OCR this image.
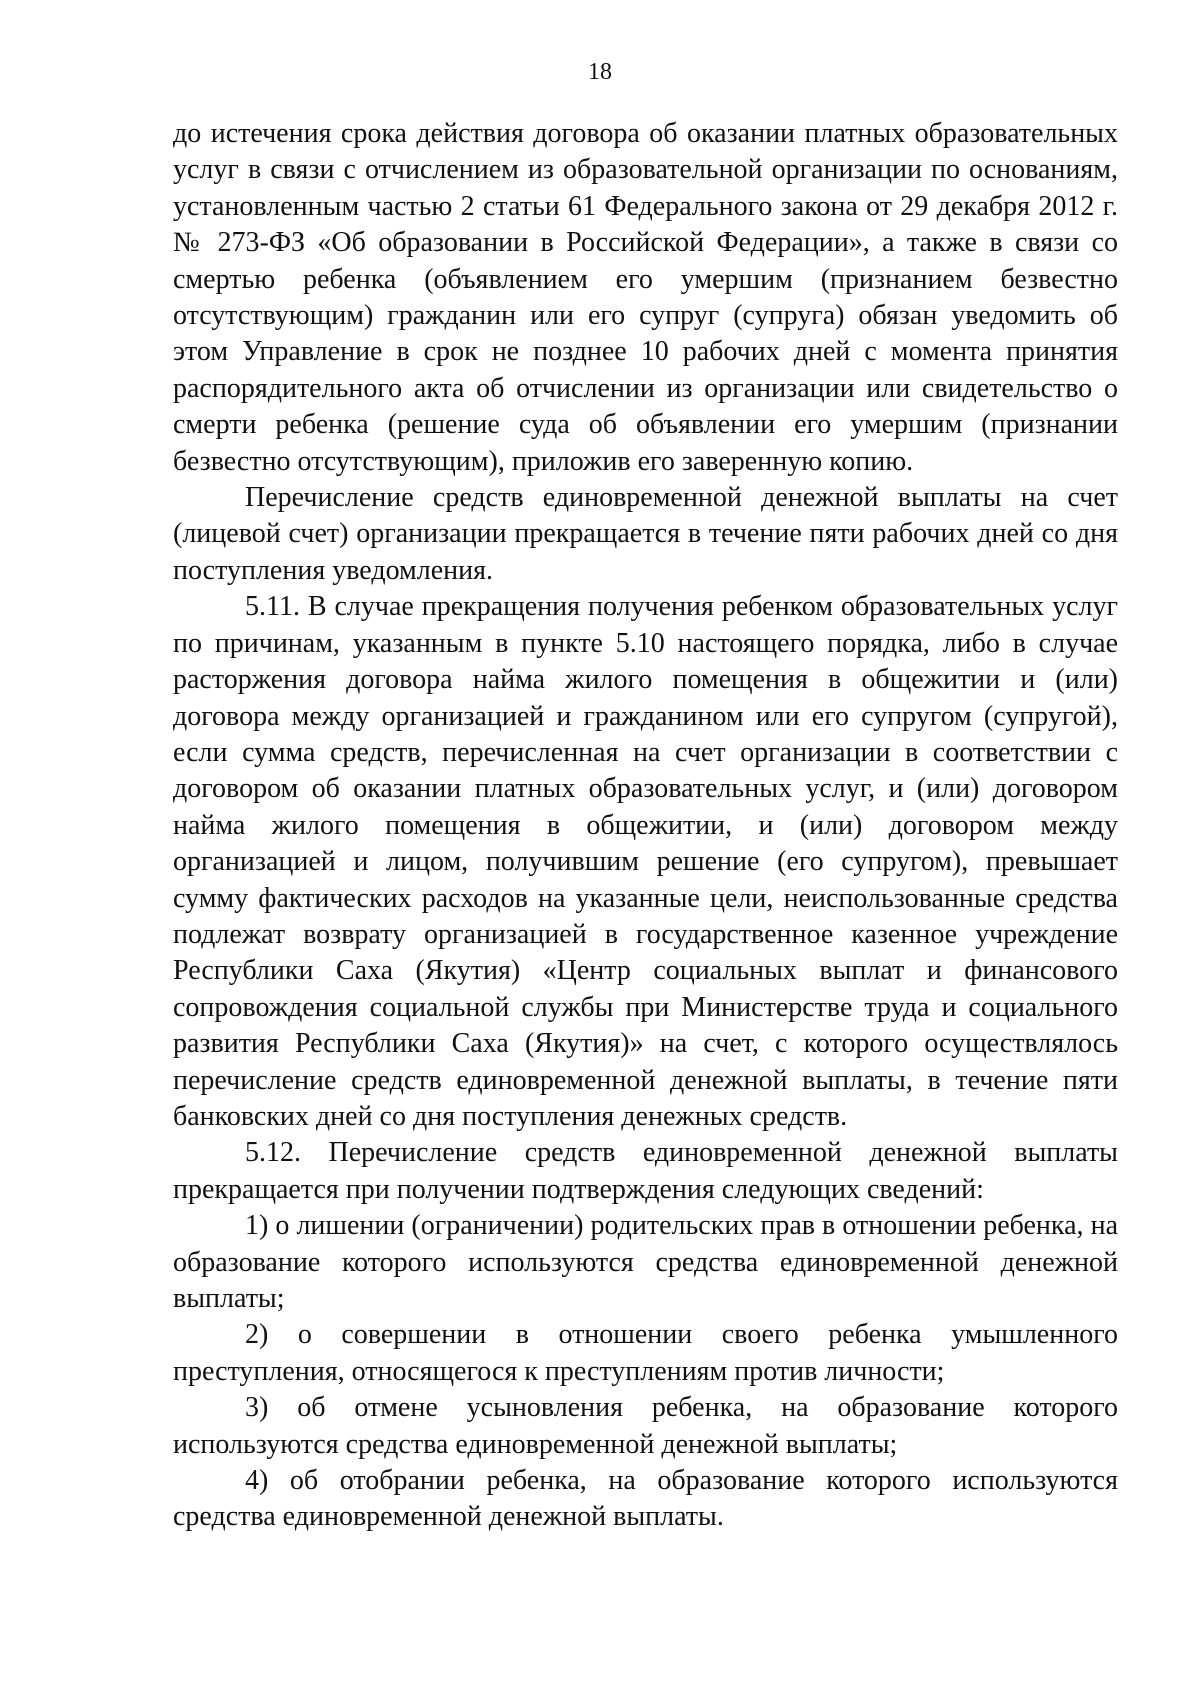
18

до истечения срока действия договора об оказании платных образовательных услуг в связи с отчислением из образовательной организации по основаниям, установленным частью 2 статьи 61 Федерального закона от 29 декабря 2012 г. № 273-ФЗ «Об образовании в Российской Федерации», а также в связи со смертью ребенка (объявлением его умершим (признанием безвестно отсутствующим) гражданин или его супруг (супруга) обязан уведомить об этом Управление в срок не позднее 10 рабочих дней с момента принятия распорядительного акта об отчислении из организации или свидетельство о смерти ребенка (решение суда об объявлении его умершим (признании безвестно отсутствующим), приложив его заверенную копию.

Перечисление средств единовременной денежной выплаты на счет (лицевой счет) организации прекращается в течение пяти рабочих дней со дня поступления уведомления.

5.11. В случае прекращения получения ребенком образовательных услуг по причинам, указанным в пункте 5.10 настоящего порядка, либо в случае расторжения договора найма жилого помещения в общежитии и (или) договора между организацией и гражданином или его супругом (супругой), если сумма средств, перечисленная на счет организации в соответствии с договором об оказании платных образовательных услуг, и (или) договором найма жилого помещения в общежитии, и (или) договором между организацией и лицом, получившим решение (его супругом), превышает сумму фактических расходов на указанные цели, неиспользованные средства подлежат возврату организацией в государственное казенное учреждение Республики Саха (Якутия) «Центр социальных выплат и финансового сопровождения социальной службы при Министерстве труда и социального развития Республики Саха (Якутия)» на счет, с которого осуществлялось перечисление средств единовременной денежной выплаты, в течение пяти банковских дней со дня поступления денежных средств.

5.12. Перечисление средств единовременной денежной выплаты прекращается при получении подтверждения следующих сведений:

1) о лишении (ограничении) родительских прав в отношении ребенка, на образование которого используются средства единовременной денежной выплаты;

2) о совершении в отношении своего ребенка умышленного преступления, относящегося к преступлениям против личности;

3) об отмене усыновления ребенка, на образование которого используются средства единовременной денежной выплаты;

4) об отобрании ребенка, на образование которого используются средства единовременной денежной выплаты.
